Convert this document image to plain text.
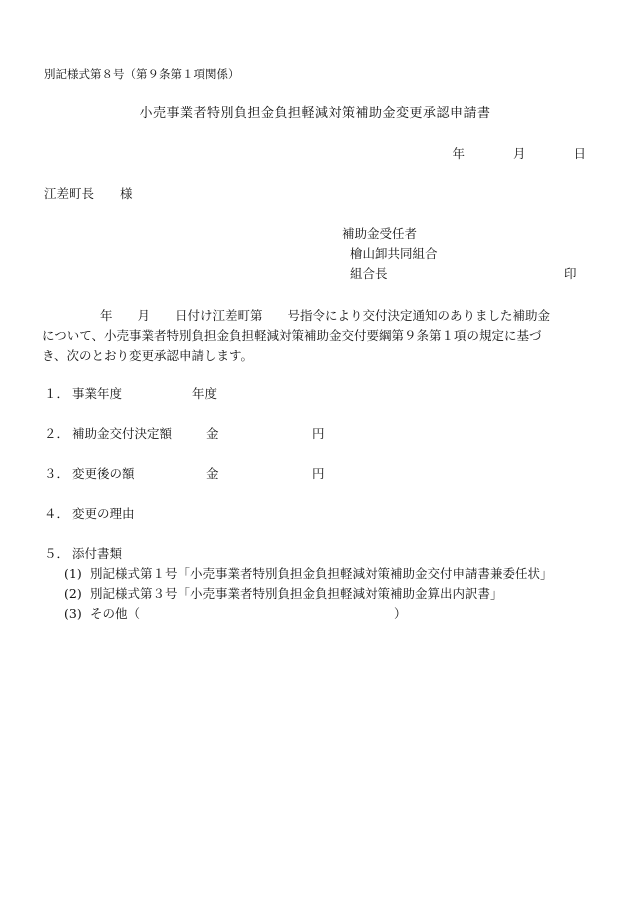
別記様式第８号（第９条第１項関係）
小売事業者特別負担金負担軽減対策補助金変更承認申請書
年	月	日
江差町長 様
補助金受任者
檜山卸共同組合
組合長	印
年　　月　　日付け江差町第　　号指令により交付決定通知のありました補助金
について、小売事業者特別負担金負担軽減対策補助金交付要綱第９条第１項の規定に基づ
き、次のとおり変更承認申請します。
１． 事業年度	年度
２． 補助金交付決定額	金	円
３． 変更後の額	金	円
４． 変更の理由
５． 添付書類
(1) 別記様式第１号「小売事業者特別負担金負担軽減対策補助金交付申請書兼委任状」
(2) 別記様式第３号「小売事業者特別負担金負担軽減対策補助金算出内訳書」
(3) その他（	）
